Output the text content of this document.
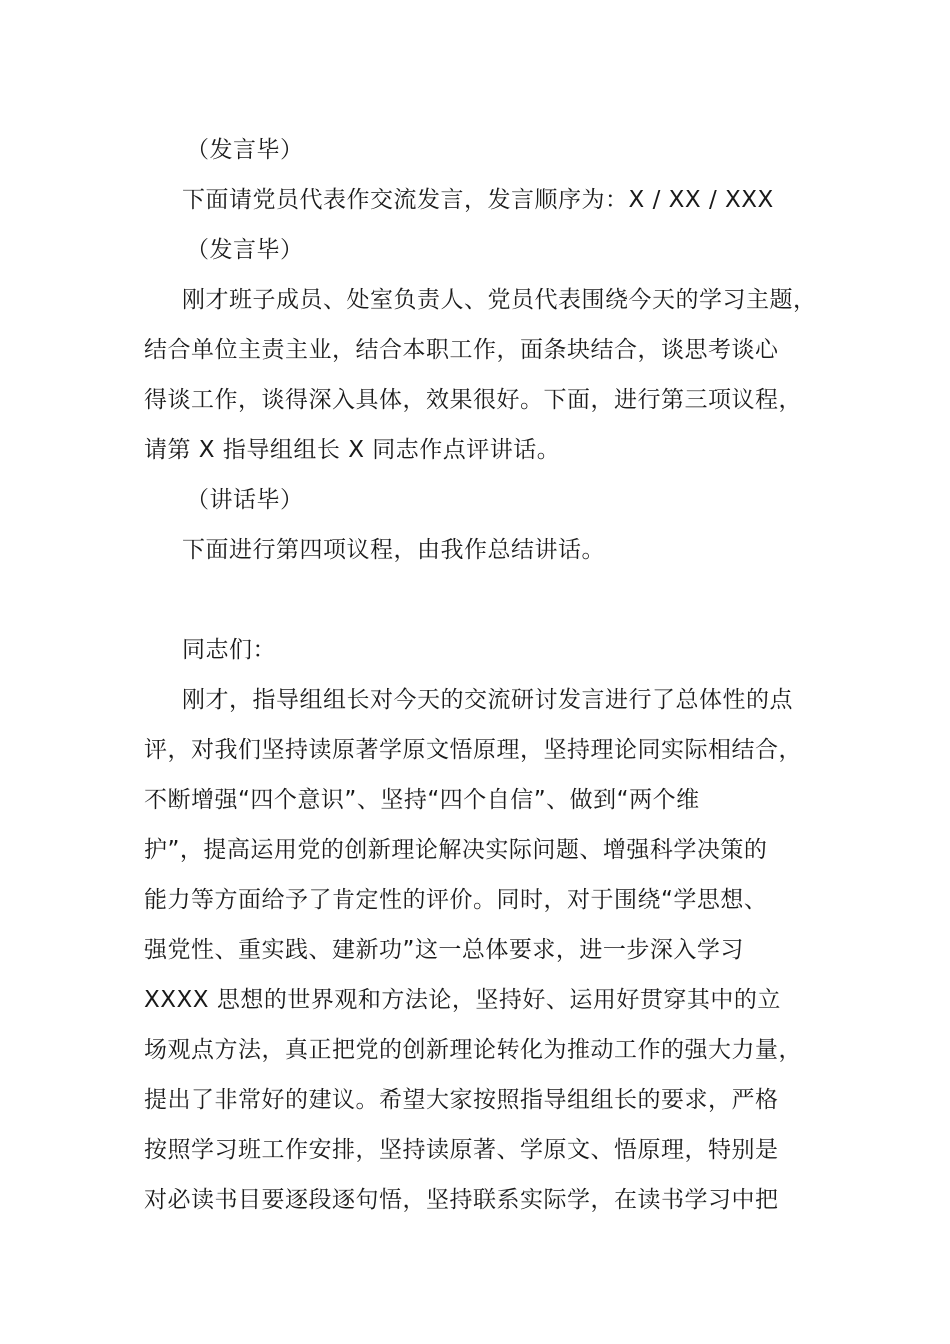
（发言毕）
下面请党员代表作交流发言，发言顺序为：X / XX / XXX
（发言毕）
刚才班子成员、处室负责人、党员代表围绕今天的学习主题，
结合单位主责主业，结合本职工作，面条块结合，谈思考谈心
得谈工作，谈得深入具体，效果很好。下面，进行第三项议程，
请第 X 指导组组长 X 同志作点评讲话。
（讲话毕）
下面进行第四项议程，由我作总结讲话。
同志们：
刚才，指导组组长对今天的交流研讨发言进行了总体性的点
评，对我们坚持读原著学原文悟原理，坚持理论同实际相结合，
不断增强“四个意识”、坚持“四个自信”、做到“两个维
护”，提高运用党的创新理论解决实际问题、增强科学决策的
能力等方面给予了肯定性的评价。同时，对于围绕“学思想、
强党性、重实践、建新功”这一总体要求，进一步深入学习
XXXX 思想的世界观和方法论，坚持好、运用好贯穿其中的立
场观点方法，真正把党的创新理论转化为推动工作的强大力量，
提出了非常好的建议。希望大家按照指导组组长的要求，严格
按照学习班工作安排，坚持读原著、学原文、悟原理，特别是
对必读书目要逐段逐句悟，坚持联系实际学，在读书学习中把
